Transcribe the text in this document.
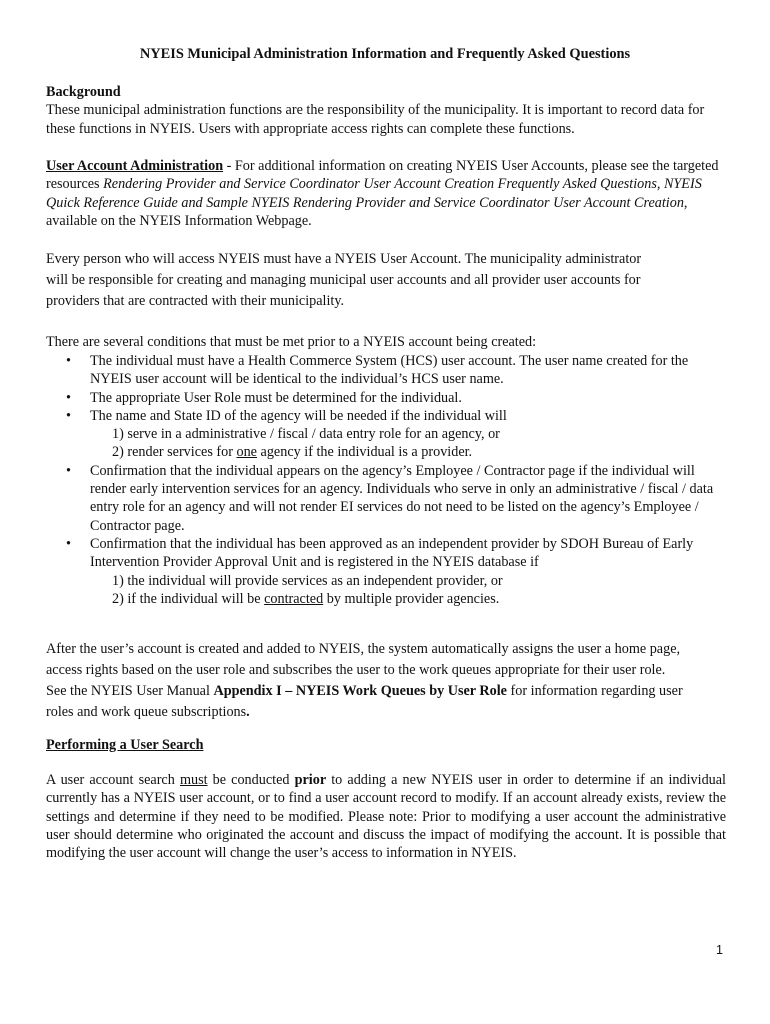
NYEIS Municipal Administration Information and Frequently Asked Questions

Background
These municipal administration functions are the responsibility of the municipality. It is important to record data for these functions in NYEIS. Users with appropriate access rights can complete these functions.

User Account Administration - For additional information on creating NYEIS User Accounts, please see the targeted resources Rendering Provider and Service Coordinator User Account Creation Frequently Asked Questions, NYEIS Quick Reference Guide and Sample NYEIS Rendering Provider and Service Coordinator User Account Creation, available on the NYEIS Information Webpage.

Every person who will access NYEIS must have a NYEIS User Account. The municipality administrator
will be responsible for creating and managing municipal user accounts and all provider user accounts for
providers that are contracted with their municipality.

There are several conditions that must be met prior to a NYEIS account being created:

• The individual must have a Health Commerce System (HCS) user account. The user name created for the NYEIS user account will be identical to the individual’s HCS user name.
• The appropriate User Role must be determined for the individual.
• The name and State ID of the agency will be needed if the individual will
1) serve in a administrative / fiscal / data entry role for an agency, or
2) render services for one agency if the individual is a provider.
• Confirmation that the individual appears on the agency’s Employee / Contractor page if the individual will render early intervention services for an agency. Individuals who serve in only an administrative / fiscal / data entry role for an agency and will not render EI services do not need to be listed on the agency’s Employee / Contractor page.
• Confirmation that the individual has been approved as an independent provider by SDOH Bureau of Early Intervention Provider Approval Unit and is registered in the NYEIS database if
1) the individual will provide services as an independent provider, or
2) if the individual will be contracted by multiple provider agencies.
After the user’s account is created and added to NYEIS, the system automatically assigns the user a home page,
access rights based on the user role and subscribes the user to the work queues appropriate for their user role.
See the NYEIS User Manual Appendix I – NYEIS Work Queues by User Role for information regarding user
roles and work queue subscriptions.

Performing a User Search

A user account search must be conducted prior to adding a new NYEIS user in order to determine if an individual currently has a NYEIS user account, or to find a user account record to modify. If an account already exists, review the settings and determine if they need to be modified. Please note: Prior to modifying a user account the administrative user should determine who originated the account and discuss the impact of modifying the account. It is possible that modifying the user account will change the user’s access to information in NYEIS.

1
